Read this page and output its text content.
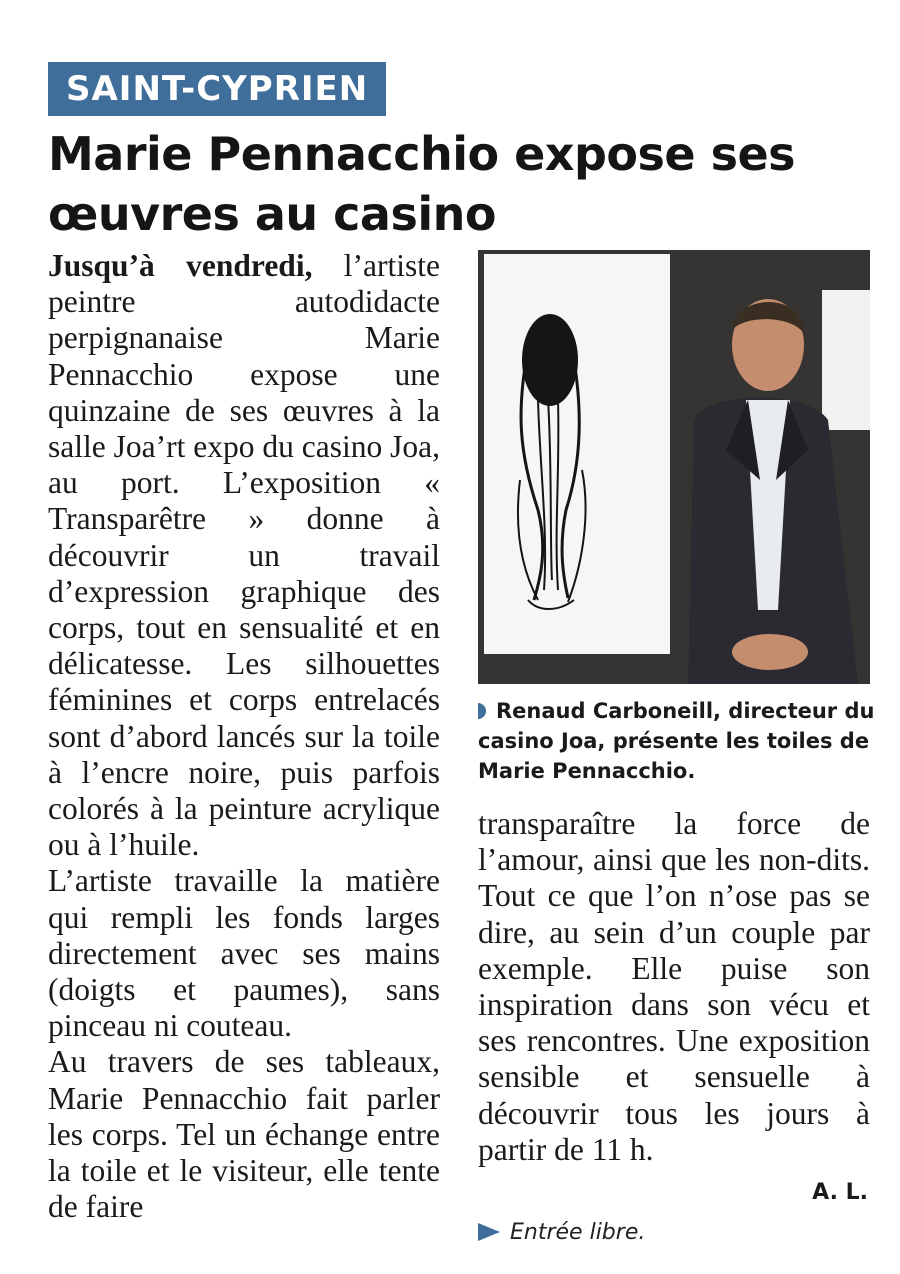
SAINT-CYPRIEN
Marie Pennacchio expose ses œuvres au casino

Jusqu’à vendredi, l’artiste peintre autodidacte perpignanaise Marie Pennacchio expose une quinzaine de ses œuvres à la salle Joa’rt expo du casino Joa, au port. L’exposition « Transparêtre » donne à découvrir un travail d’expression graphique des corps, tout en sensualité et en délicatesse. Les silhouettes féminines et corps entrelacés sont d’abord lancés sur la toile à l’encre noire, puis parfois colorés à la peinture acrylique ou à l’huile.

L’artiste travaille la matière qui rempli les fonds larges directement avec ses mains (doigts et paumes), sans pinceau ni couteau.

Au travers de ses tableaux, Marie Pennacchio fait parler les corps. Tel un échange entre la toile et le visiteur, elle tente de faire

Renaud Carboneill, directeur du casino Joa, présente les toiles de Marie Pennacchio.

transparaître la force de l’amour, ainsi que les non-dits. Tout ce que l’on n’ose pas se dire, au sein d’un couple par exemple. Elle puise son inspiration dans son vécu et ses rencontres. Une exposition sensible et sensuelle à découvrir tous les jours à partir de 11 h.

A. L.
Entrée libre.
